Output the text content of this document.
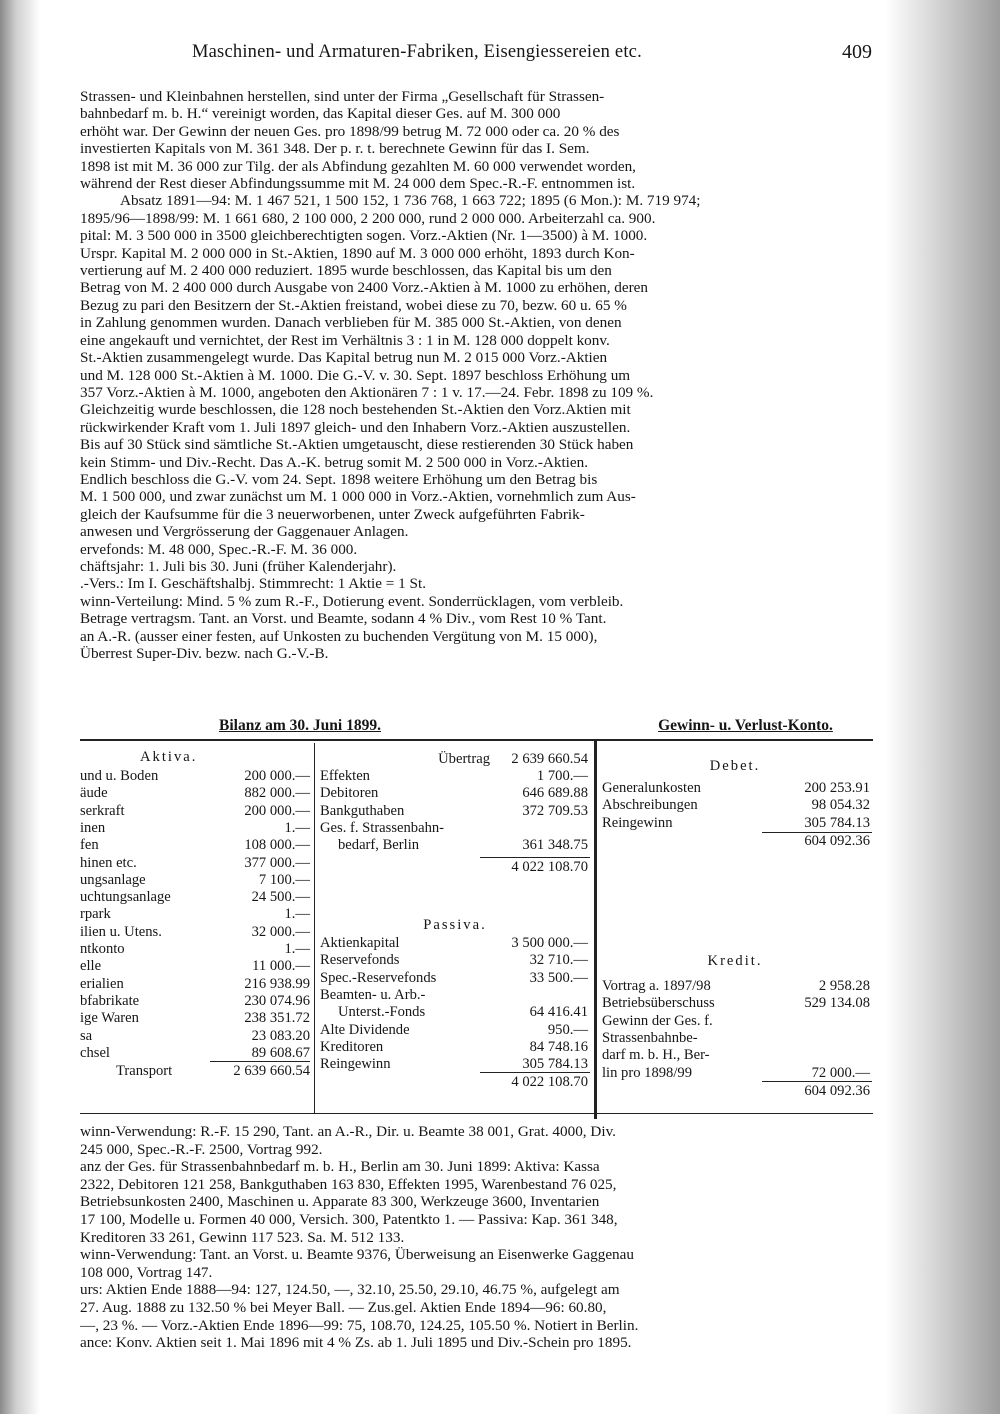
Maschinen- und Armaturen-Fabriken, Eisengiessereien etc.	409

Strassen- und Kleinbahnen herstellen, sind unter der Firma „Gesellschaft für Strassen-

bahnbedarf m. b. H.“ vereinigt worden, das Kapital dieser Ges. auf M. 300 000

erhöht war. Der Gewinn der neuen Ges. pro 1898/99 betrug M. 72 000 oder ca. 20 % des

investierten Kapitals von M. 361 348. Der p. r. t. berechnete Gewinn für das I. Sem.

1898 ist mit M. 36 000 zur Tilg. der als Abfindung gezahlten M. 60 000 verwendet worden,

während der Rest dieser Abfindungssumme mit M. 24 000 dem Spec.-R.-F. entnommen ist.

Absatz 1891—94: M. 1 467 521, 1 500 152, 1 736 768, 1 663 722; 1895 (6 Mon.): M. 719 974;

1895/96—1898/99: M. 1 661 680, 2 100 000, 2 200 000, rund 2 000 000. Arbeiterzahl ca. 900.

pital: M. 3 500 000 in 3500 gleichberechtigten sogen. Vorz.-Aktien (Nr. 1—3500) à M. 1000.

Urspr. Kapital M. 2 000 000 in St.-Aktien, 1890 auf M. 3 000 000 erhöht, 1893 durch Kon-

vertierung auf M. 2 400 000 reduziert. 1895 wurde beschlossen, das Kapital bis um den

Betrag von M. 2 400 000 durch Ausgabe von 2400 Vorz.-Aktien à M. 1000 zu erhöhen, deren

Bezug zu pari den Besitzern der St.-Aktien freistand, wobei diese zu 70, bezw. 60 u. 65 %

in Zahlung genommen wurden. Danach verblieben für M. 385 000 St.-Aktien, von denen

eine angekauft und vernichtet, der Rest im Verhältnis 3 : 1 in M. 128 000 doppelt konv.

St.-Aktien zusammengelegt wurde. Das Kapital betrug nun M. 2 015 000 Vorz.-Aktien

und M. 128 000 St.-Aktien à M. 1000. Die G.-V. v. 30. Sept. 1897 beschloss Erhöhung um

357 Vorz.-Aktien à M. 1000, angeboten den Aktionären 7 : 1 v. 17.—24. Febr. 1898 zu 109 %.

Gleichzeitig wurde beschlossen, die 128 noch bestehenden St.-Aktien den Vorz.Aktien mit

rückwirkender Kraft vom 1. Juli 1897 gleich- und den Inhabern Vorz.-Aktien auszustellen.

Bis auf 30 Stück sind sämtliche St.-Aktien umgetauscht, diese restierenden 30 Stück haben

kein Stimm- und Div.-Recht. Das A.-K. betrug somit M. 2 500 000 in Vorz.-Aktien.

Endlich beschloss die G.-V. vom 24. Sept. 1898 weitere Erhöhung um den Betrag bis

M. 1 500 000, und zwar zunächst um M. 1 000 000 in Vorz.-Aktien, vornehmlich zum Aus-

gleich der Kaufsumme für die 3 neuerworbenen, unter Zweck aufgeführten Fabrik-

anwesen und Vergrösserung der Gaggenauer Anlagen.

ervefonds: M. 48 000, Spec.-R.-F. M. 36 000.

chäftsjahr: 1. Juli bis 30. Juni (früher Kalenderjahr).

.-Vers.: Im I. Geschäftshalbj. Stimmrecht: 1 Aktie = 1 St.

winn-Verteilung: Mind. 5 % zum R.-F., Dotierung event. Sonderrücklagen, vom verbleib.

Betrage vertragsm. Tant. an Vorst. und Beamte, sodann 4 % Div., vom Rest 10 % Tant.

an A.-R. (ausser einer festen, auf Unkosten zu buchenden Vergütung von M. 15 000),

Überrest Super-Div. bezw. nach G.-V.-B.

Bilanz am 30. Juni 1899.	Gewinn- u. Verlust-Konto.
Aktiva.
und u. Boden	200 000.—
äude	882 000.—
serkraft	200 000.—
inen	1.—
fen	108 000.—
hinen etc.	377 000.—
ungsanlage	7 100.—
uchtungsanlage	24 500.—
rpark	1.—
ilien u. Utens.	32 000.—
ntkonto	1.—
elle	11 000.—
erialien	216 938.99
bfabrikate	230 074.96
ige Waren	238 351.72
sa	23 083.20
chsel	89 608.67
Transport	2 639 660.54
Übertrag	2 639 660.54
Effekten	1 700.—
Debitoren	646 689.88
Bankguthaben	372 709.53
Ges. f. Strassenbahn-
bedarf, Berlin	361 348.75
4 022 108.70
Passiva.
Aktienkapital	3 500 000.—
Reservefonds	32 710.—
Spec.-Reservefonds	33 500.—
Beamten- u. Arb.-
Unterst.-Fonds	64 416.41
Alte Dividende	950.—
Kreditoren	84 748.16
Reingewinn	305 784.13
4 022 108.70
Debet.
Generalunkosten	200 253.91
Abschreibungen	98 054.32
Reingewinn	305 784.13
604 092.36
Kredit.
Vortrag a. 1897/98	2 958.28
Betriebsüberschuss	529 134.08
Gewinn der Ges. f.
Strassenbahnbe-
darf m. b. H., Ber-
lin pro 1898/99	72 000.—
604 092.36

winn-Verwendung: R.-F. 15 290, Tant. an A.-R., Dir. u. Beamte 38 001, Grat. 4000, Div.

245 000, Spec.-R.-F. 2500, Vortrag 992.

anz der Ges. für Strassenbahnbedarf m. b. H., Berlin am 30. Juni 1899: Aktiva: Kassa

2322, Debitoren 121 258, Bankguthaben 163 830, Effekten 1995, Warenbestand 76 025,

Betriebsunkosten 2400, Maschinen u. Apparate 83 300, Werkzeuge 3600, Inventarien

17 100, Modelle u. Formen 40 000, Versich. 300, Patentkto 1. — Passiva: Kap. 361 348,

Kreditoren 33 261, Gewinn 117 523. Sa. M. 512 133.

winn-Verwendung: Tant. an Vorst. u. Beamte 9376, Überweisung an Eisenwerke Gaggenau

108 000, Vortrag 147.

urs: Aktien Ende 1888—94: 127, 124.50, —, 32.10, 25.50, 29.10, 46.75 %, aufgelegt am

27. Aug. 1888 zu 132.50 % bei Meyer Ball. — Zus.gel. Aktien Ende 1894—96: 60.80,

—, 23 %. — Vorz.-Aktien Ende 1896—99: 75, 108.70, 124.25, 105.50 %. Notiert in Berlin.

ance: Konv. Aktien seit 1. Mai 1896 mit 4 % Zs. ab 1. Juli 1895 und Div.-Schein pro 1895.
